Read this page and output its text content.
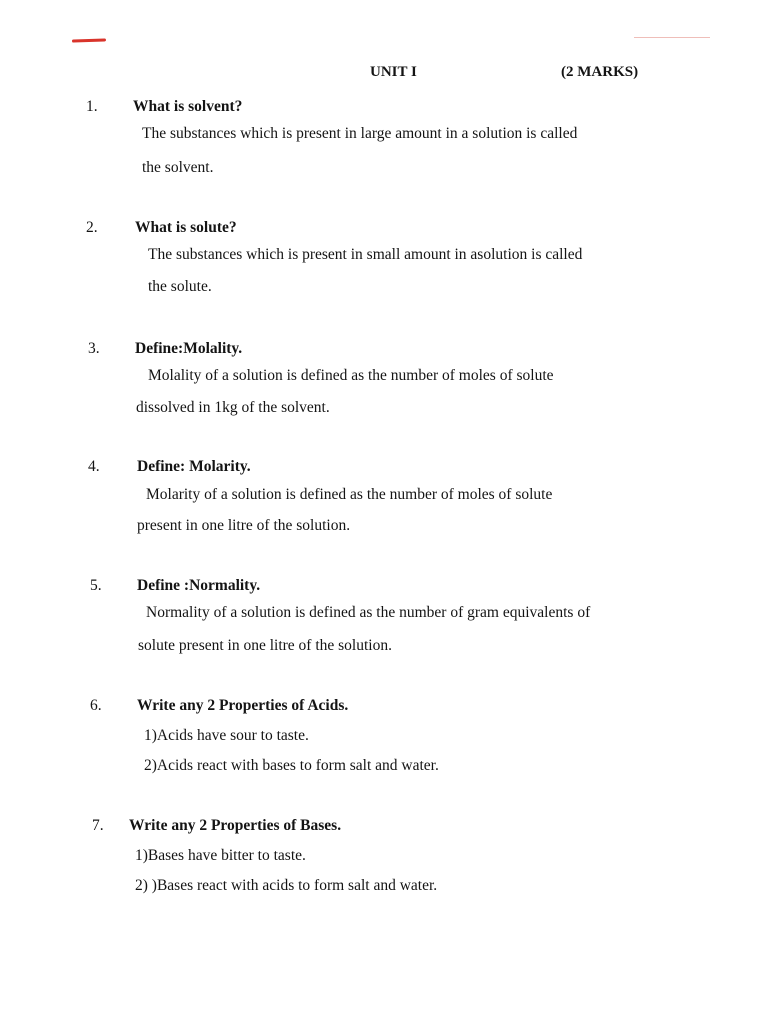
UNIT I	(2 MARKS)
1. What is solvent?
The substances which is present in large amount in a solution is called
the solvent.
2. What is solute?
The substances which is present in small amount in asolution is called
the solute.
3. Define:Molality.
Molality of a solution is defined as the number of moles of solute
dissolved in 1kg of the solvent.
4. Define: Molarity.
Molarity of a solution is defined as the number of moles of solute
present in one litre of the solution.
5. Define :Normality.
Normality of a solution is defined as the number of gram equivalents of
solute present in one litre of the solution.
6. Write any 2 Properties of Acids.
1)Acids have sour to taste.
2)Acids react with bases to form salt and water.
7. Write any 2 Properties of Bases.
1)Bases have bitter to taste.
2) )Bases react with acids to form salt and water.
